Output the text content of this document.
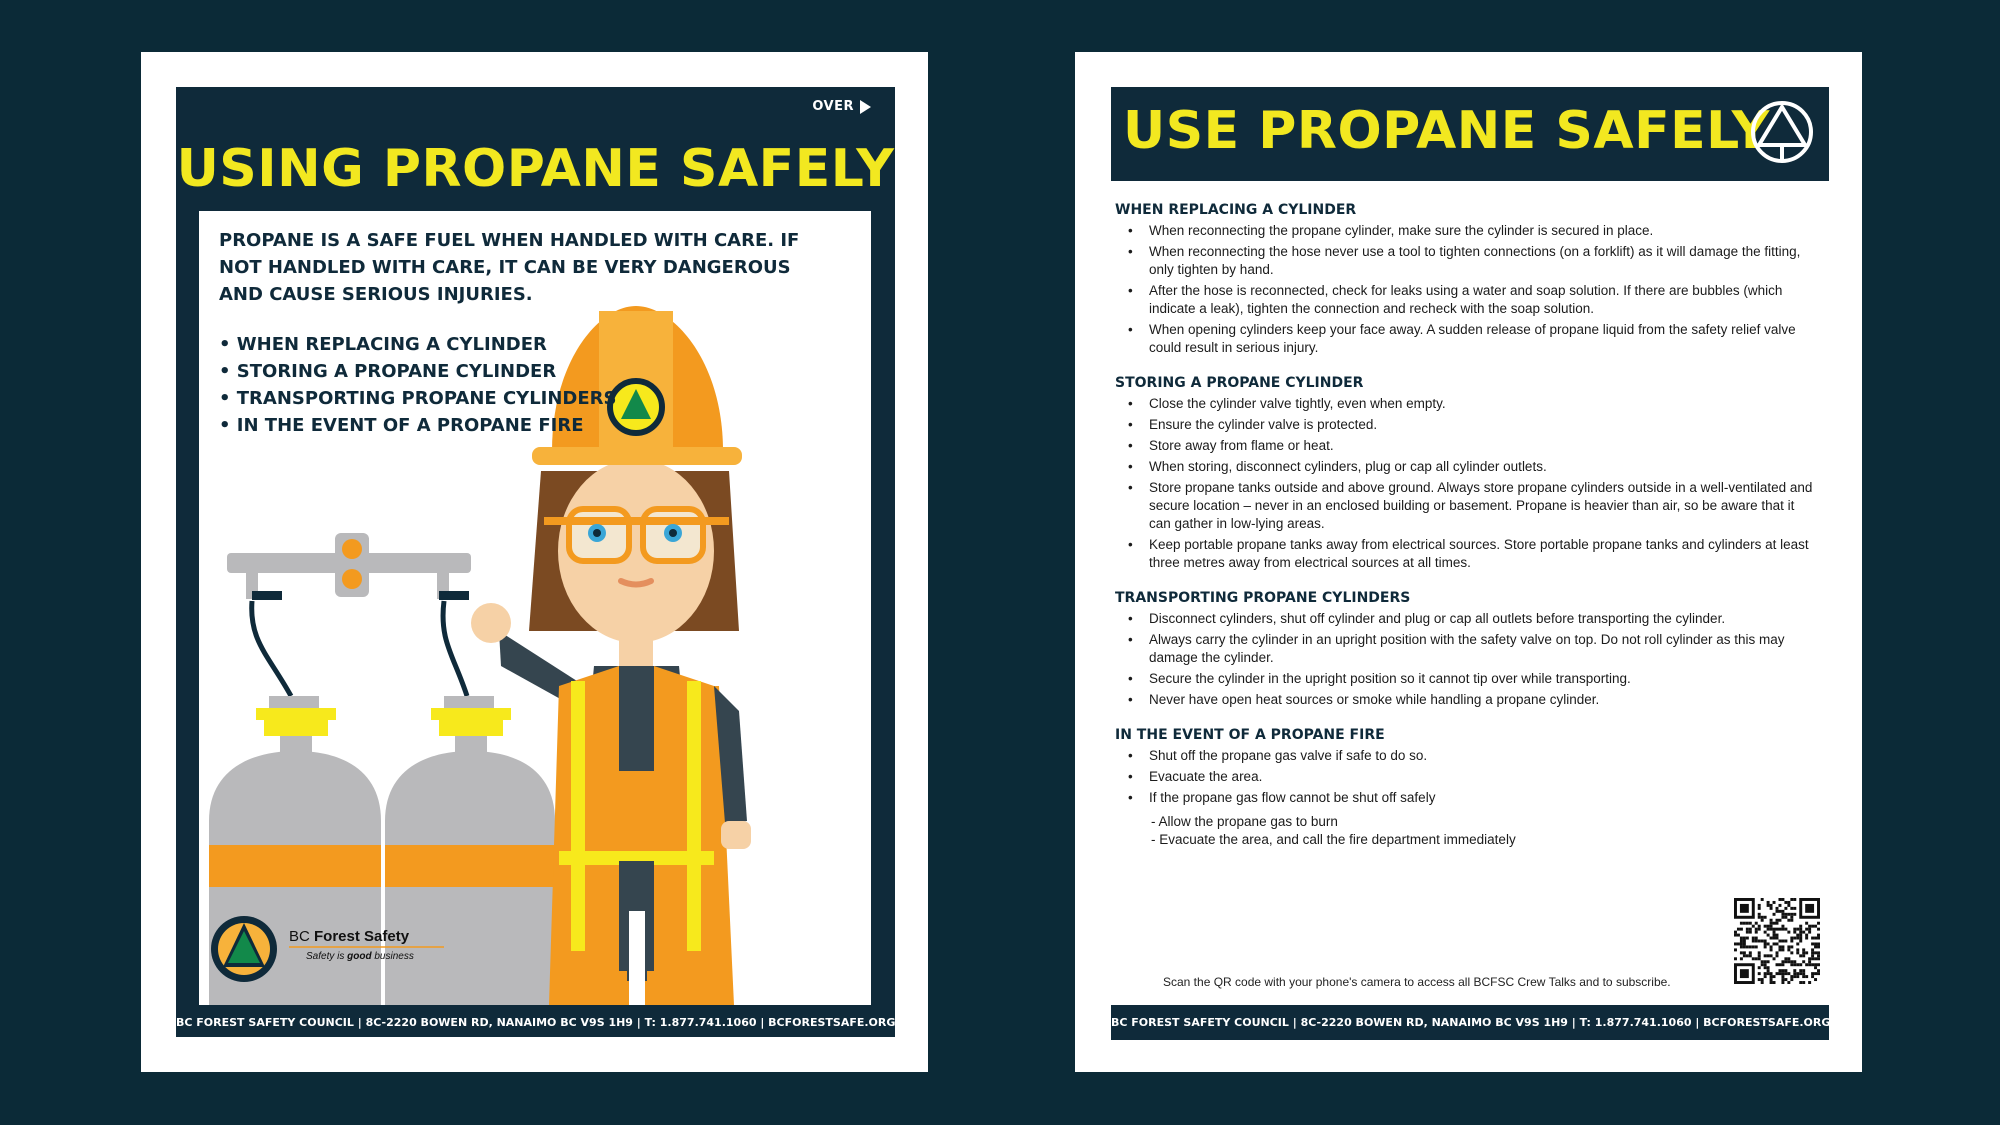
OVER
USING PROPANE SAFELY
PROPANE IS A SAFE FUEL WHEN HANDLED WITH CARE. IF NOT HANDLED WITH CARE, IT CAN BE VERY DANGEROUS AND CAUSE SERIOUS INJURIES.
• WHEN REPLACING A CYLINDER
• STORING A PROPANE CYLINDER
• TRANSPORTING PROPANE CYLINDERS
• IN THE EVENT OF A PROPANE FIRE
BC Forest Safety
Safety is good business
BC FOREST SAFETY COUNCIL | 8C-2220 BOWEN RD, NANAIMO BC V9S 1H9 | T: 1.877.741.1060 | BCFORESTSAFE.ORG
USE PROPANE SAFELY
WHEN REPLACING A CYLINDER
• When reconnecting the propane cylinder, make sure the cylinder is secured in place.
• When reconnecting the hose never use a tool to tighten connections (on a forklift) as it will damage the fitting, only tighten by hand.
• After the hose is reconnected, check for leaks using a water and soap solution. If there are bubbles (which indicate a leak), tighten the connection and recheck with the soap solution.
• When opening cylinders keep your face away. A sudden release of propane liquid from the safety relief valve could result in serious injury.
STORING A PROPANE CYLINDER
• Close the cylinder valve tightly, even when empty.
• Ensure the cylinder valve is protected.
• Store away from flame or heat.
• When storing, disconnect cylinders, plug or cap all cylinder outlets.
• Store propane tanks outside and above ground. Always store propane cylinders outside in a well-ventilated and secure location – never in an enclosed building or basement. Propane is heavier than air, so be aware that it can gather in low-lying areas.
• Keep portable propane tanks away from electrical sources. Store portable propane tanks and cylinders at least three metres away from electrical sources at all times.
TRANSPORTING PROPANE CYLINDERS
• Disconnect cylinders, shut off cylinder and plug or cap all outlets before transporting the cylinder.
• Always carry the cylinder in an upright position with the safety valve on top. Do not roll cylinder as this may damage the cylinder.
• Secure the cylinder in the upright position so it cannot tip over while transporting.
• Never have open heat sources or smoke while handling a propane cylinder.
IN THE EVENT OF A PROPANE FIRE
• Shut off the propane gas valve if safe to do so.
• Evacuate the area.
• If the propane gas flow cannot be shut off safely
- Allow the propane gas to burn
- Evacuate the area, and call the fire department immediately
Scan the QR code with your phone's camera to access all BCFSC Crew Talks and to subscribe.
BC FOREST SAFETY COUNCIL | 8C-2220 BOWEN RD, NANAIMO BC V9S 1H9 | T: 1.877.741.1060 | BCFORESTSAFE.ORG
